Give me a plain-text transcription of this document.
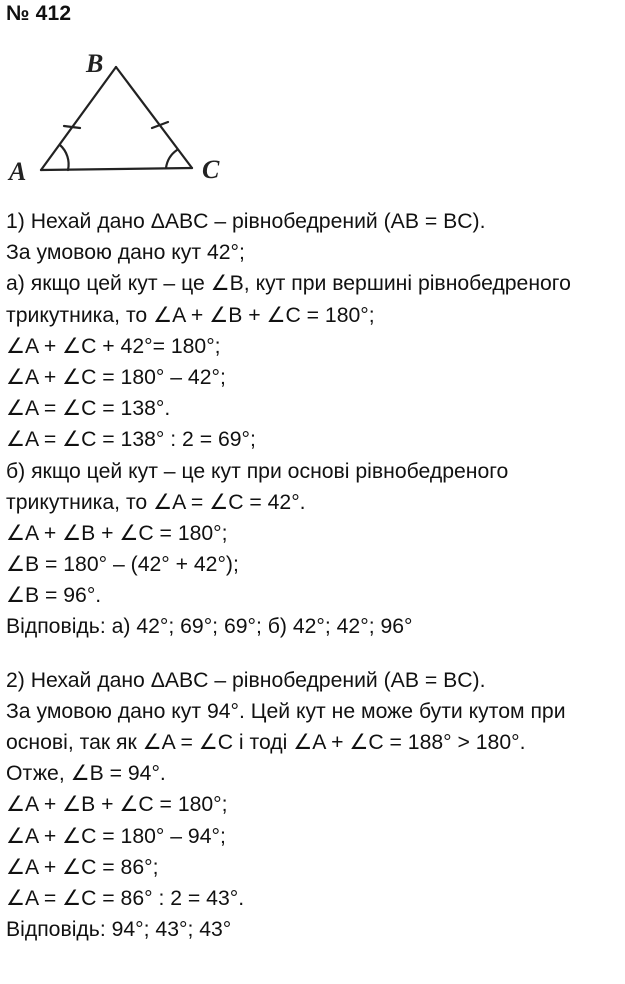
№ 412
A
B
C
1) Нехай дано ΔABC – рівнобедрений (AB = BC).
За умовою дано кут 42°;
а) якщо цей кут – це ∠B, кут при вершині рівнобедреного
трикутника, то ∠A + ∠B + ∠C = 180°;
∠A + ∠C + 42°= 180°;
∠A + ∠C = 180° – 42°;
∠A = ∠C = 138°.
∠A = ∠C = 138° : 2 = 69°;
б) якщо цей кут – це кут при основі рівнобедреного
трикутника, то ∠A = ∠C = 42°.
∠A + ∠B + ∠C = 180°;
∠B = 180° – (42° + 42°);
∠B = 96°.
Відповідь: а) 42°; 69°; 69°; б) 42°; 42°; 96°
2) Нехай дано ΔABC – рівнобедрений (AB = BC).
За умовою дано кут 94°. Цей кут не може бути кутом при
основі, так як ∠A = ∠C і тоді ∠A + ∠C = 188° > 180°.
Отже, ∠B = 94°.
∠A + ∠B + ∠C = 180°;
∠A + ∠C = 180° – 94°;
∠A + ∠C = 86°;
∠A = ∠C = 86° : 2 = 43°.
Відповідь: 94°; 43°; 43°
